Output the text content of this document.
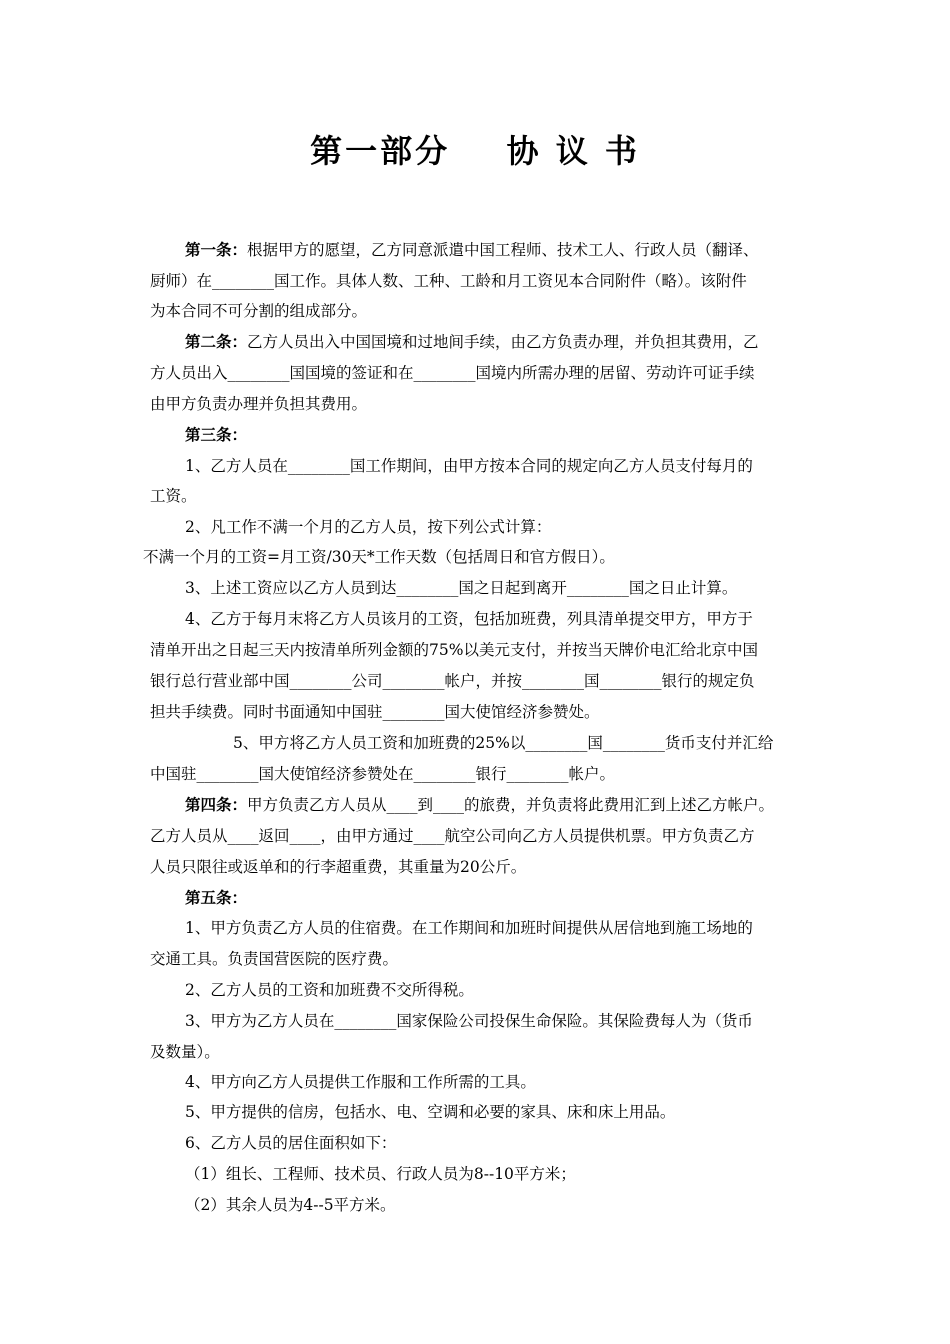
第一部分    协 议 书
第一条：根据甲方的愿望，乙方同意派遣中国工程师、技术工人、行政人员（翻译、
厨师）在________国工作。具体人数、工种、工龄和月工资见本合同附件（略）。该附件
为本合同不可分割的组成部分。
第二条：乙方人员出入中国国境和过地间手续，由乙方负责办理，并负担其费用，乙
方人员出入________国国境的签证和在________国境内所需办理的居留、劳动许可证手续
由甲方负责办理并负担其费用。
第三条：
1、乙方人员在________国工作期间，由甲方按本合同的规定向乙方人员支付每月的
工资。
2、凡工作不满一个月的乙方人员，按下列公式计算：
不满一个月的工资=月工资/30天*工作天数（包括周日和官方假日）。
3、上述工资应以乙方人员到达________国之日起到离开________国之日止计算。
4、乙方于每月末将乙方人员该月的工资，包括加班费，列具清单提交甲方，甲方于
清单开出之日起三天内按清单所列金额的75%以美元支付，并按当天牌价电汇给北京中国
银行总行营业部中国________公司________帐户，并按________国________银行的规定负
担共手续费。同时书面通知中国驻________国大使馆经济参赞处。
5、甲方将乙方人员工资和加班费的25%以________国________货币支付并汇给
中国驻________国大使馆经济参赞处在________银行________帐户。
第四条：甲方负责乙方人员从____到____的旅费，并负责将此费用汇到上述乙方帐户。
乙方人员从____返回____，由甲方通过____航空公司向乙方人员提供机票。甲方负责乙方
人员只限往或返单和的行李超重费，其重量为20公斤。
第五条：
1、甲方负责乙方人员的住宿费。在工作期间和加班时间提供从居信地到施工场地的
交通工具。负责国营医院的医疗费。
2、乙方人员的工资和加班费不交所得税。
3、甲方为乙方人员在________国家保险公司投保生命保险。其保险费每人为（货币
及数量）。
4、甲方向乙方人员提供工作服和工作所需的工具。
5、甲方提供的信房，包括水、电、空调和必要的家具、床和床上用品。
6、乙方人员的居住面积如下：
（1）组长、工程师、技术员、行政人员为8--10平方米；
（2）其余人员为4--5平方米。
